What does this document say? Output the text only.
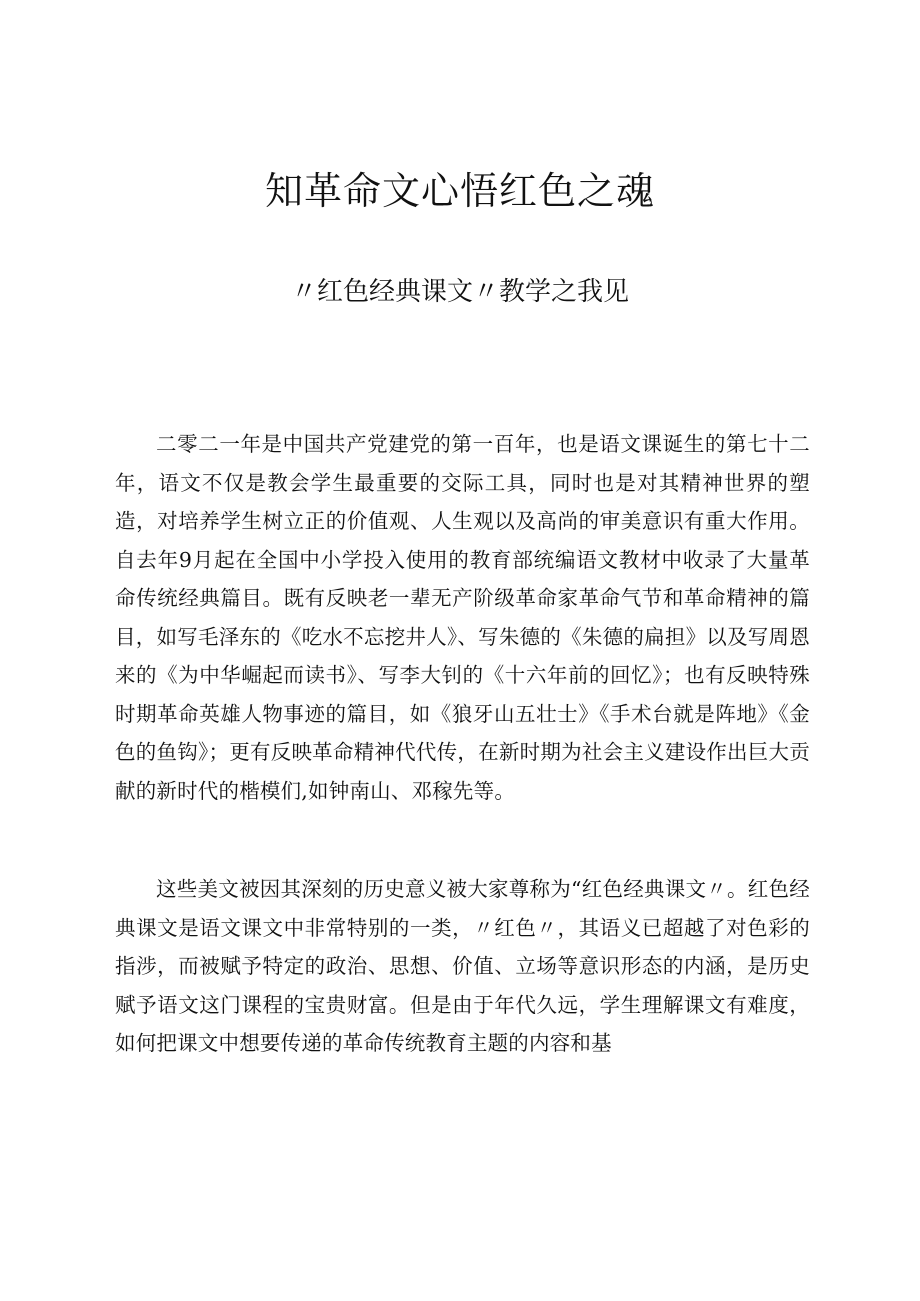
知革命文心悟红色之魂
〃红色经典课文〃教学之我见

二零二一年是中国共产党建党的第一百年，也是语文课诞生的第七十二年，语文不仅是教会学生最重要的交际工具，同时也是对其精神世界的塑造，对培养学生树立正的价值观、人生观以及高尚的审美意识有重大作用。自去年9月起在全国中小学投入使用的教育部统编语文教材中收录了大量革命传统经典篇目。既有反映老一辈无产阶级革命家革命气节和革命精神的篇目，如写毛泽东的《吃水不忘挖井人》、写朱德的《朱德的扁担》以及写周恩来的《为中华崛起而读书》、写李大钊的《十六年前的回忆》；也有反映特殊时期革命英雄人物事迹的篇目，如《狼牙山五壮士》《手术台就是阵地》《金色的鱼钩》；更有反映革命精神代代传，在新时期为社会主义建设作出巨大贡献的新时代的楷模们,如钟南山、邓稼先等。

这些美文被因其深刻的历史意义被大家尊称为“红色经典课文〃。红色经典课文是语文课文中非常特别的一类，〃红色〃，其语义已超越了对色彩的指涉，而被赋予特定的政治、思想、价值、立场等意识形态的内涵，是历史赋予语文这门课程的宝贵财富。但是由于年代久远，学生理解课文有难度，如何把课文中想要传递的革命传统教育主题的内容和基
